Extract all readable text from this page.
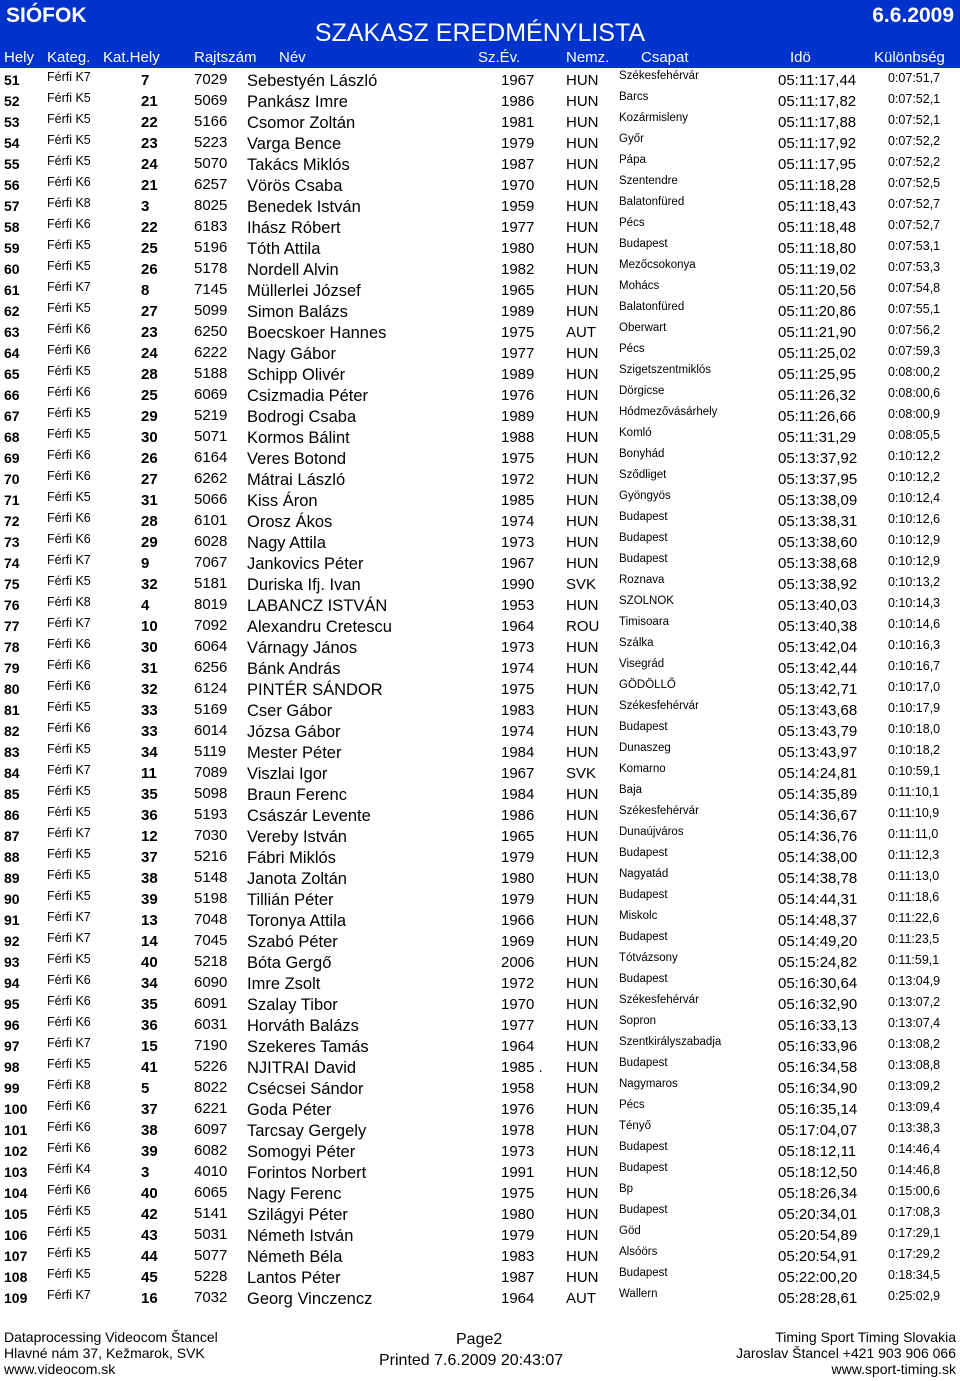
SIÓFOK
SZAKASZ EREDMÉNYLISTA
6.6.2009
Hely Kateg. Kat.Hely Rajtszám Név	Sz.Év.	Nemz. Csapat	Idö	Különbség
51 Férfi K7	7	7029 Sebestyén László	1967 HUN Székesfehérvár	05:11:17,44	0:07:51,7
52 Férfi K5	21 5069 Pankász Imre	1986 HUN Barcs	05:11:17,82	0:07:52,1
53 Férfi K5	22 5166 Csomor Zoltán	1981 HUN Kozármisleny	05:11:17,88	0:07:52,1
54 Férfi K5	23 5223 Varga Bence	1979 HUN Győr	05:11:17,92	0:07:52,2
55 Férfi K5	24 5070 Takács Miklós	1987 HUN Pápa	05:11:17,95	0:07:52,2
56 Férfi K6	21 6257 Vörös Csaba	1970 HUN Szentendre	05:11:18,28	0:07:52,5
57 Férfi K8	3	8025 Benedek István	1959 HUN Balatonfüred	05:11:18,43	0:07:52,7
58 Férfi K6	22 6183 Ihász Róbert	1977 HUN Pécs	05:11:18,48	0:07:52,7
59 Férfi K5	25 5196 Tóth Attila	1980 HUN Budapest	05:11:18,80	0:07:53,1
60 Férfi K5	26 5178 Nordell Alvin	1982 HUN Mezőcsokonya	05:11:19,02	0:07:53,3
61 Férfi K7	8	7145 Müllerlei József	1965 HUN Mohács	05:11:20,56	0:07:54,8
62 Férfi K5	27 5099 Simon Balázs	1989 HUN Balatonfüred	05:11:20,86	0:07:55,1
63 Férfi K6	23 6250 Boecskoer Hannes	1975 AUT Oberwart	05:11:21,90	0:07:56,2
64 Férfi K6	24 6222 Nagy Gábor	1977 HUN Pécs	05:11:25,02	0:07:59,3
65 Férfi K5	28 5188 Schipp Olivér	1989 HUN Szigetszentmiklós	05:11:25,95	0:08:00,2
66 Férfi K6	25 6069 Csizmadia Péter	1976 HUN Dörgicse	05:11:26,32	0:08:00,6
67 Férfi K5	29 5219 Bodrogi Csaba	1989 HUN Hódmezővásárhely	05:11:26,66	0:08:00,9
68 Férfi K5	30 5071 Kormos Bálint	1988 HUN Komló	05:11:31,29	0:08:05,5
69 Férfi K6	26 6164 Veres Botond	1975 HUN Bonyhád	05:13:37,92 0:10:12,2
70 Férfi K6	27 6262 Mátrai László	1972 HUN Sződliget	05:13:37,95 0:10:12,2
71 Férfi K5	31 5066 Kiss Áron	1985 HUN Gyöngyös	05:13:38,09 0:10:12,4
72 Férfi K6	28 6101 Orosz Ákos	1974 HUN Budapest	05:13:38,31 0:10:12,6
73 Férfi K6	29 6028 Nagy Attila	1973 HUN Budapest	05:13:38,60 0:10:12,9
74 Férfi K7	9	7067 Jankovics Péter	1967 HUN Budapest	05:13:38,68 0:10:12,9
75 Férfi K5	32 5181 Duriska Ifj. Ivan	1990 SVK Roznava	05:13:38,92 0:10:13,2
76 Férfi K8	4	8019 LABANCZ ISTVÁN	1953 HUN SZOLNOK	05:13:40,03 0:10:14,3
77 Férfi K7	10 7092 Alexandru Cretescu	1964 ROU Timisoara	05:13:40,38 0:10:14,6
78 Férfi K6	30 6064 Várnagy János	1973 HUN Szálka	05:13:42,04 0:10:16,3
79 Férfi K6	31 6256 Bánk András	1974 HUN Visegrád	05:13:42,44 0:10:16,7
80 Férfi K6	32 6124 PINTÉR SÁNDOR	1975 HUN GÖDÖLLŐ	05:13:42,71 0:10:17,0
81 Férfi K5	33 5169 Cser Gábor	1983 HUN Székesfehérvár	05:13:43,68 0:10:17,9
82 Férfi K6	33 6014 Józsa Gábor	1974 HUN Budapest	05:13:43,79 0:10:18,0
83 Férfi K5	34 5119 Mester Péter	1984 HUN Dunaszeg	05:13:43,97 0:10:18,2
84 Férfi K7	11 7089 Viszlai Igor	1967 SVK Komarno	05:14:24,81 0:10:59,1
85 Férfi K5	35 5098 Braun Ferenc	1984 HUN Baja	05:14:35,89 0:11:10,1
86 Férfi K5	36 5193 Császár Levente	1986 HUN Székesfehérvár	05:14:36,67 0:11:10,9
87 Férfi K7	12 7030 Vereby István	1965 HUN Dunaújváros	05:14:36,76 0:11:11,0
88 Férfi K5	37 5216 Fábri Miklós	1979 HUN Budapest	05:14:38,00 0:11:12,3
89 Férfi K5	38 5148 Janota Zoltán	1980 HUN Nagyatád	05:14:38,78 0:11:13,0
90 Férfi K5	39 5198 Tillián Péter	1979 HUN Budapest	05:14:44,31 0:11:18,6
91 Férfi K7	13 7048 Toronya Attila	1966 HUN Miskolc	05:14:48,37 0:11:22,6
92 Férfi K7	14 7045 Szabó Péter	1969 HUN Budapest	05:14:49,20 0:11:23,5
93 Férfi K5	40 5218 Bóta Gergő	2006 HUN Tótvázsony	05:15:24,82 0:11:59,1
94 Férfi K6	34 6090 Imre Zsolt	1972 HUN Budapest	05:16:30,64 0:13:04,9
95 Férfi K6	35 6091 Szalay Tibor	1970 HUN Székesfehérvár	05:16:32,90 0:13:07,2
96 Férfi K6	36 6031 Horváth Balázs	1977 HUN Sopron	05:16:33,13 0:13:07,4
97 Férfi K7	15 7190 Szekeres Tamás	1964 HUN Szentkirályszabadja	05:16:33,96 0:13:08,2
98 Férfi K5	41 5226 NJITRAI David	1985 . HUN Budapest	05:16:34,58 0:13:08,8
99 Férfi K8	5	8022 Csécsei Sándor	1958 HUN Nagymaros	05:16:34,90 0:13:09,2
100 Férfi K6	37 6221 Goda Péter	1976 HUN Pécs	05:16:35,14 0:13:09,4
101 Férfi K6	38 6097 Tarcsay Gergely	1978 HUN Tényő	05:17:04,07 0:13:38,3
102 Férfi K6	39 6082 Somogyi Péter	1973 HUN Budapest	05:18:12,11	0:14:46,4
103 Férfi K4	3	4010 Forintos Norbert	1991 HUN Budapest	05:18:12,50 0:14:46,8
104 Férfi K6	40 6065 Nagy Ferenc	1975 HUN Bp	05:18:26,34 0:15:00,6
105 Férfi K5	42 5141 Szilágyi Péter	1980 HUN Budapest	05:20:34,01 0:17:08,3
106 Férfi K5	43 5031 Németh István	1979 HUN Göd	05:20:54,89 0:17:29,1
107 Férfi K5	44 5077 Németh Béla	1983 HUN Alsóörs	05:20:54,91 0:17:29,2
108 Férfi K5	45 5228 Lantos Péter	1987 HUN Budapest	05:22:00,20 0:18:34,5
109 Férfi K7	16 7032 Georg Vinczencz	1964 AUT Wallern	05:28:28,61 0:25:02,9
Dataprocessing Videocom Štancel
Hlavné nám 37, Kežmarok, SVK
www.videocom.sk
Page2
Printed 7.6.2009 20:43:07
Timing Sport Timing Slovakia
Jaroslav Štancel +421 903 906 066
www.sport-timing.sk
